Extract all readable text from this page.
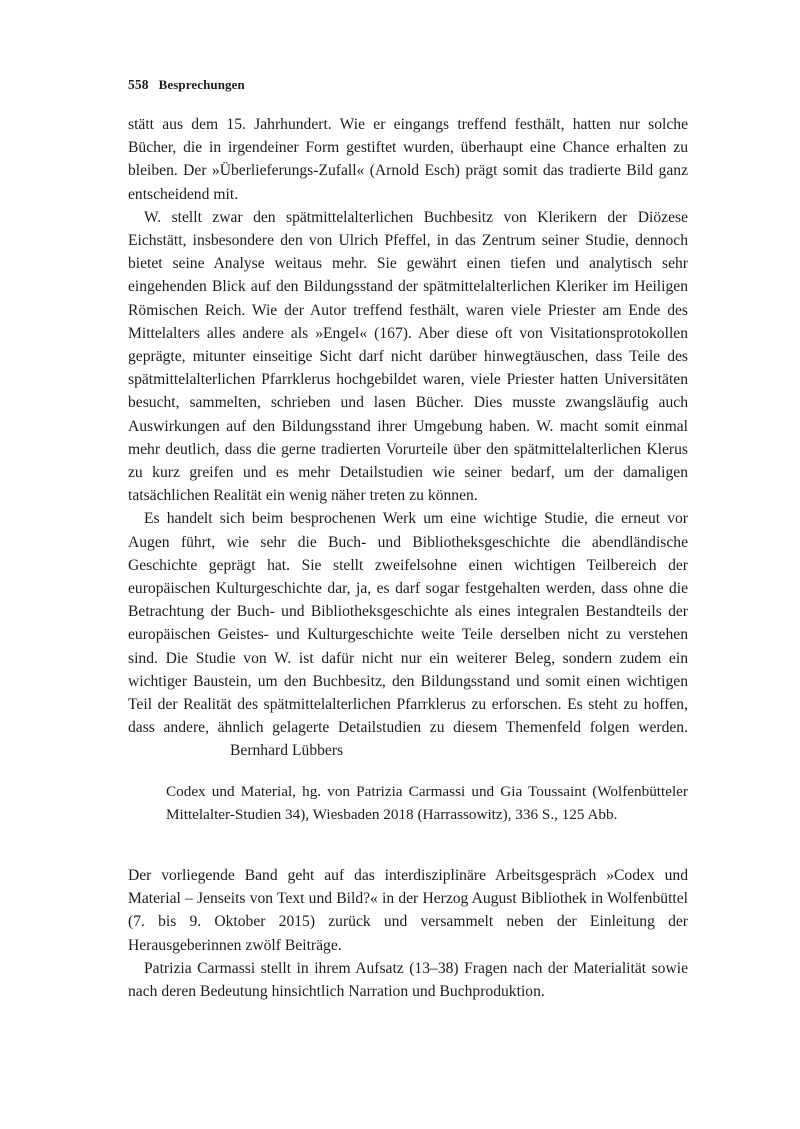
558 Besprechungen

stätt aus dem 15. Jahrhundert. Wie er eingangs treffend festhält, hatten nur solche Bücher, die in irgendeiner Form gestiftet wurden, überhaupt eine Chance erhalten zu bleiben. Der »Überlieferungs-Zufall« (Arnold Esch) prägt somit das tradierte Bild ganz entscheidend mit.

W. stellt zwar den spätmittelalterlichen Buchbesitz von Klerikern der Diözese Eichstätt, insbesondere den von Ulrich Pfeffel, in das Zentrum seiner Studie, dennoch bietet seine Analyse weitaus mehr. Sie gewährt einen tiefen und analytisch sehr eingehenden Blick auf den Bildungsstand der spätmittelalterlichen Kleriker im Heiligen Römischen Reich. Wie der Autor treffend festhält, waren viele Priester am Ende des Mittelalters alles andere als »Engel« (167). Aber diese oft von Visitationsprotokollen geprägte, mitunter einseitige Sicht darf nicht darüber hinwegtäuschen, dass Teile des spätmittelalterlichen Pfarrklerus hochgebildet waren, viele Priester hatten Universitäten besucht, sammelten, schrieben und lasen Bücher. Dies musste zwangsläufig auch Auswirkungen auf den Bildungsstand ihrer Umgebung haben. W. macht somit einmal mehr deutlich, dass die gerne tradierten Vorurteile über den spätmittelalterlichen Klerus zu kurz greifen und es mehr Detailstudien wie seiner bedarf, um der damaligen tatsächlichen Realität ein wenig näher treten zu können.

Es handelt sich beim besprochenen Werk um eine wichtige Studie, die erneut vor Augen führt, wie sehr die Buch- und Bibliotheksgeschichte die abendländische Geschichte geprägt hat. Sie stellt zweifelsohne einen wichtigen Teilbereich der europäischen Kulturgeschichte dar, ja, es darf sogar festgehalten werden, dass ohne die Betrachtung der Buch- und Bibliotheksgeschichte als eines integralen Bestandteils der europäischen Geistes- und Kulturgeschichte weite Teile derselben nicht zu verstehen sind. Die Studie von W. ist dafür nicht nur ein weiterer Beleg, sondern zudem ein wichtiger Baustein, um den Buchbesitz, den Bildungsstand und somit einen wichtigen Teil der Realität des spätmittelalterlichen Pfarrklerus zu erforschen. Es steht zu hoffen, dass andere, ähnlich gelagerte Detailstudien zu diesem Themenfeld folgen werden.Bernhard Lübbers

Codex und Material, hg. von Patrizia Carmassi und Gia Toussaint (Wolfenbütteler Mittelalter-Studien 34), Wiesbaden 2018 (Harrassowitz), 336 S., 125 Abb.

Der vorliegende Band geht auf das interdisziplinäre Arbeitsgespräch »Codex und Material – Jenseits von Text und Bild?« in der Herzog August Bibliothek in Wolfenbüttel (7. bis 9. Oktober 2015) zurück und versammelt neben der Einleitung der Herausgeberinnen zwölf Beiträge.

Patrizia Carmassi stellt in ihrem Aufsatz (13–38) Fragen nach der Materialität sowie nach deren Bedeutung hinsichtlich Narration und Buchproduktion.
